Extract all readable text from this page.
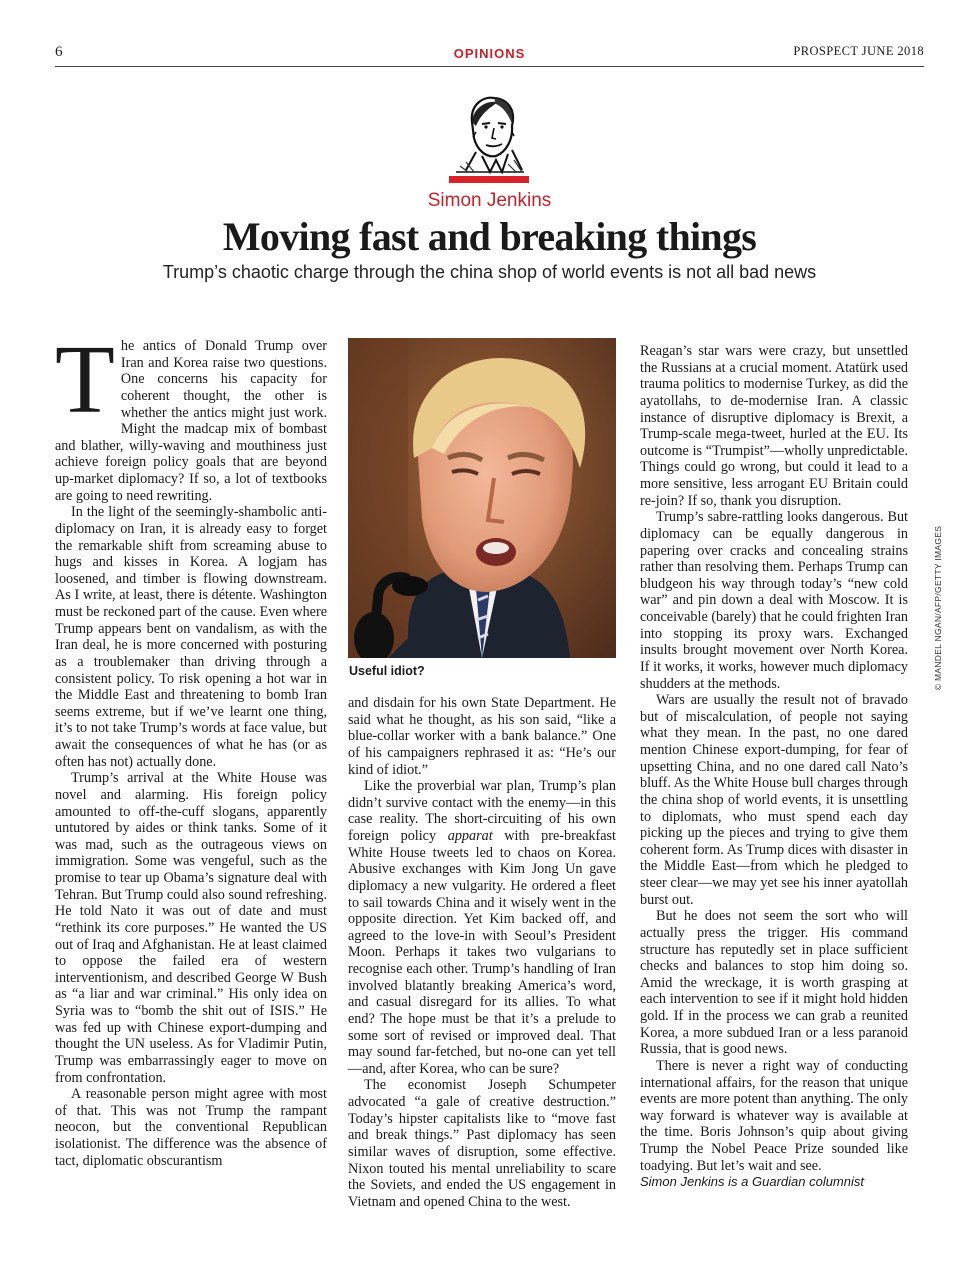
6	OPINIONS	PROSPECT JUNE 2018
Simon Jenkins
Moving fast and breaking things
Trump’s chaotic charge through the china shop of world events is not all bad news

The antics of Donald Trump over Iran and Korea raise two questions. One concerns his capacity for coherent thought, the other is whether the antics might just work. Might the madcap mix of bombast and blather, willy-waving and mouthiness just achieve foreign policy goals that are beyond up-market diplomacy? If so, a lot of textbooks are going to need rewriting.

In the light of the seemingly-shambolic anti-diplomacy on Iran, it is already easy to forget the remarkable shift from screaming abuse to hugs and kisses in Korea. A logjam has loosened, and timber is flowing downstream. As I write, at least, there is détente. Washington must be reckoned part of the cause. Even where Trump appears bent on vandalism, as with the Iran deal, he is more concerned with posturing as a troublemaker than driving through a consistent policy. To risk opening a hot war in the Middle East and threatening to bomb Iran seems extreme, but if we’ve learnt one thing, it’s to not take Trump’s words at face value, but await the consequences of what he has (or as often has not) actually done.

Trump’s arrival at the White House was novel and alarming. His foreign policy amounted to off-the-cuff slogans, apparently untutored by aides or think tanks. Some of it was mad, such as the outrageous views on immigration. Some was vengeful, such as the promise to tear up Obama’s signature deal with Tehran. But Trump could also sound refreshing. He told Nato it was out of date and must “rethink its core purposes.” He wanted the US out of Iraq and Afghanistan. He at least claimed to oppose the failed era of western interventionism, and described George W Bush as “a liar and war criminal.” His only idea on Syria was to “bomb the shit out of ISIS.” He was fed up with Chinese export-dumping and thought the UN useless. As for Vladimir Putin, Trump was embarrassingly eager to move on from confrontation.

A reasonable person might agree with most of that. This was not Trump the rampant neocon, but the conventional Republican isolationist. The difference was the absence of tact, diplomatic obscurantism

Useful idiot?

and disdain for his own State Department. He said what he thought, as his son said, “like a blue-collar worker with a bank balance.” One of his campaigners rephrased it as: “He’s our kind of idiot.”

Like the proverbial war plan, Trump’s plan didn’t survive contact with the enemy—in this case reality. The short-circuiting of his own foreign policy apparat with pre-breakfast White House tweets led to chaos on Korea. Abusive exchanges with Kim Jong Un gave diplomacy a new vulgarity. He ordered a fleet to sail towards China and it wisely went in the opposite direction. Yet Kim backed off, and agreed to the love-in with Seoul’s President Moon. Perhaps it takes two vulgarians to recognise each other. Trump’s handling of Iran involved blatantly breaking America’s word, and casual disregard for its allies. To what end? The hope must be that it’s a prelude to some sort of revised or improved deal. That may sound far-fetched, but no-one can yet tell—and, after Korea, who can be sure?

The economist Joseph Schumpeter advocated “a gale of creative destruction.” Today’s hipster capitalists like to “move fast and break things.” Past diplomacy has seen similar waves of disruption, some effective. Nixon touted his mental unreliability to scare the Soviets, and ended the US engagement in Vietnam and opened China to the west.

Reagan’s star wars were crazy, but unsettled the Russians at a crucial moment. Atatürk used trauma politics to modernise Turkey, as did the ayatollahs, to de-modernise Iran. A classic instance of disruptive diplomacy is Brexit, a Trump-scale mega-tweet, hurled at the EU. Its outcome is “Trumpist”—wholly unpredictable. Things could go wrong, but could it lead to a more sensitive, less arrogant EU Britain could re-join? If so, thank you disruption.

Trump’s sabre-rattling looks dangerous. But diplomacy can be equally dangerous in papering over cracks and concealing strains rather than resolving them. Perhaps Trump can bludgeon his way through today’s “new cold war” and pin down a deal with Moscow. It is conceivable (barely) that he could frighten Iran into stopping its proxy wars. Exchanged insults brought movement over North Korea. If it works, it works, however much diplomacy shudders at the methods.

Wars are usually the result not of bravado but of miscalculation, of people not saying what they mean. In the past, no one dared mention Chinese export-dumping, for fear of upsetting China, and no one dared call Nato’s bluff. As the White House bull charges through the china shop of world events, it is unsettling to diplomats, who must spend each day picking up the pieces and trying to give them coherent form. As Trump dices with disaster in the Middle East—from which he pledged to steer clear—we may yet see his inner ayatollah burst out.

But he does not seem the sort who will actually press the trigger. His command structure has reputedly set in place sufficient checks and balances to stop him doing so. Amid the wreckage, it is worth grasping at each intervention to see if it might hold hidden gold. If in the process we can grab a reunited Korea, a more subdued Iran or a less paranoid Russia, that is good news.

There is never a right way of conducting international affairs, for the reason that unique events are more potent than anything. The only way forward is whatever way is available at the time. Boris Johnson’s quip about giving Trump the Nobel Peace Prize sounded like toadying. But let’s wait and see.

Simon Jenkins is a Guardian columnist

© MANDEL NGAN/AFP/GETTY IMAGES
